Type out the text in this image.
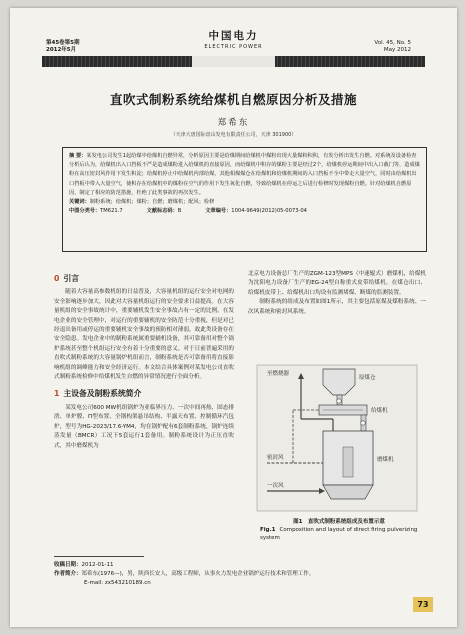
第45卷第5期
2012年5月
中国电力
ELECTRIC POWER
Vol. 45, No. 5
May 2012
直吹式制粉系统给煤机自燃原因分析及措施
郑希东
（天津大唐国际盘山发电有限责任公司，天津 301900）
摘 要：某发电公司发生1起给煤中给煤机自燃异常，分析原因主要是给煤期间给煤机中煤粉出现大量煤粉积积，有发分析出发生自燃。对系统及设备检查分析后认为，给煤机出入口挡板不严是造成煤粉进入给煤机的直接原因，而给煤机中积存的煤粉主要是经过2个，给煤机停运期间中出入口截门等，造成煤粉在高压密封风作用下发生积淀；给煤机停止中给煤机内部给煤，其他相煤煤仓在给煤机和给煤机期间的入口挡板不全中带走大量空气，同时由给煤机出口挡板中带入大量空气，使积存在给煤机中的煤粉在空气的作用下发生氧化自燃，导致给煤机在停运之后进行检修时发现煤粉自燃。针对给煤机自燃原因，制定了相应的防范措施，杜绝了此类事故的再次发生。
关键词：制粉系统；给煤机；煤粉；自燃；磨煤机；配风；检修
中图分类号：TM621.7	文献标志码：B	文章编号：1004-9649(2012)05-0073-04
0 引言

随着大容量高参数机组的日益普及，大容量机组的运行安全对电网的安全影响逐步加大，因此对大容量机组运行的安全要求日益提高。在大容量机组的安全事故统计中，重要辅机发生安全事故占有一定的比例。在发电企业的安全管理中，对运行的重要辅机的安全防范十分重视，但是对已经退出备用或停运的重要辅机安全事故的预防相对薄弱，故此类设备存在安全隐患。发电企业中的制粉系统属重要辅机设备，其可靠备用对整个锅炉系统甚至整个机组运行安全有着十分重要的意义。对于日前普遍采用的直吹式制粉系统的大容量锅炉机组而言，制粉系统是否可靠备用将直接影响机组的调峰能力和安全经济运行。本文结合具体案例对某发电公司直吹式制粉系统检修中给煤机发生自燃的异常情况进行全面分析。

1 主设备及制粉系统简介

某发电公司600 MW机组锅炉为亚临界压力、一次中间再热、固态排渣、单炉膛、Π型布置、全钢构架悬吊结构、半露天布置、控制循环汽包炉，型号为HG-2023/17.6-YM4，均在锅炉配有6套制粉系统，锅炉连续蒸发量（BMCR）工况下5套运行1套备用。制粉系统设计为正压直吹式，其中磨煤机为

北京电力设备总厂生产的ZGM-123型MPS（中速辊式）磨煤机，给煤机为沈阳电力设备厂生产的EG-24型自称重式皮带给煤机。在煤仓出口、给煤机皮带上、给煤机出口均设有监测堵煤、断煤的监测装置。

制粉系统的组成及布置如图1所示，其主要包括原煤及煤粉系统、一次风系统和密封风系统。

原煤仓
给煤机
磨煤机
密封风
一次风
至燃烧器
图1　直吹式制粉系统组成及布置示意
Fig.1 Composition and layout of direct firing pulverizing system
收稿日期：2012-01-11
作者简介：郑希东(1976—)，男，陕西长安人，高级工程师，从事火力发电企业锅炉运行技术和管理工作。
E-mail: zx543210189.cn
73
